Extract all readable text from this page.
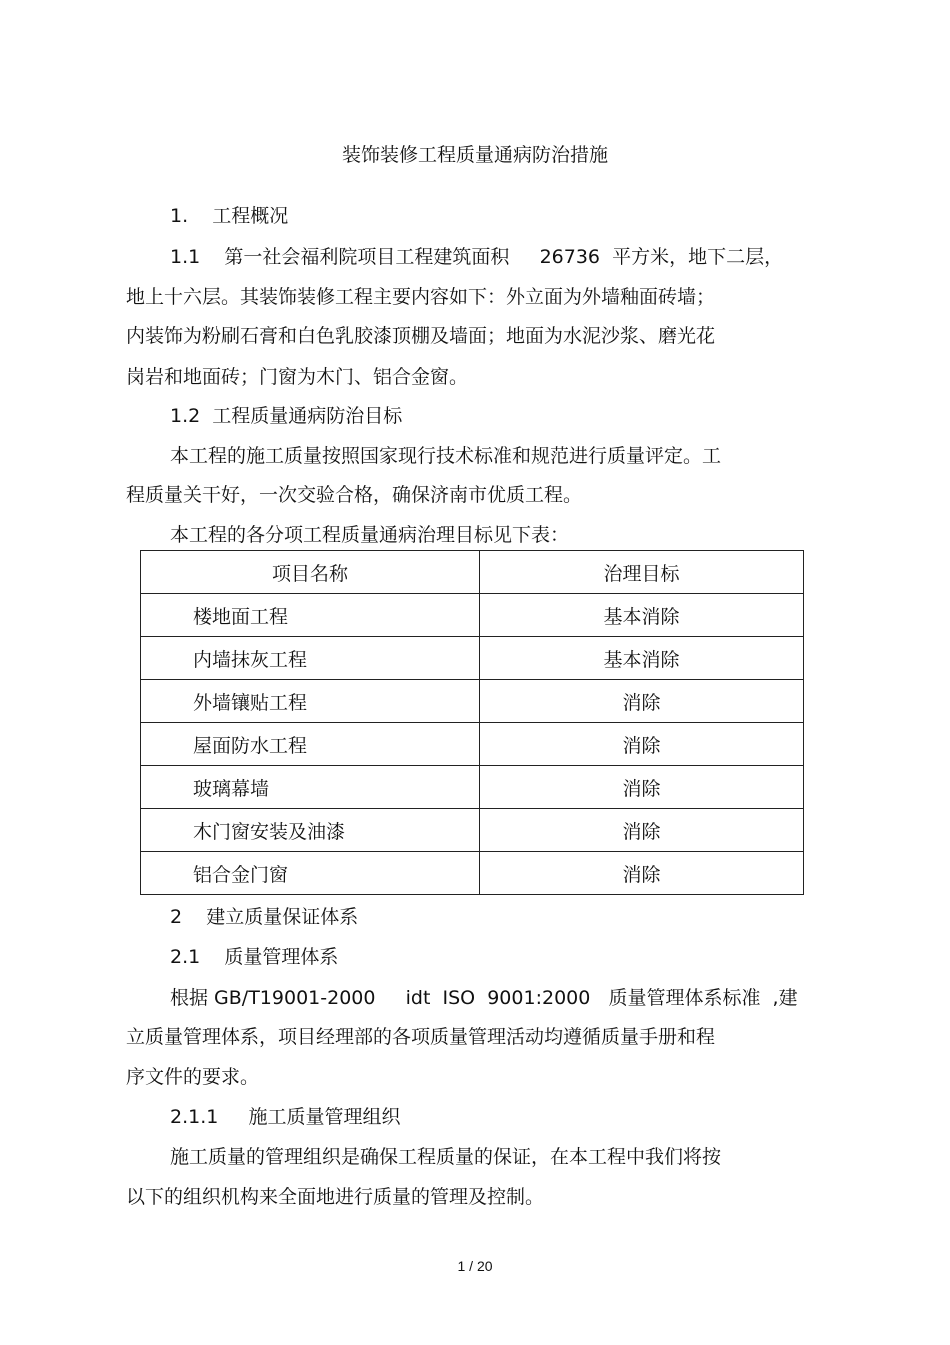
装饰装修工程质量通病防治措施
1.    工程概况
1.1    第一社会福利院项目工程建筑面积     26736  平方米，地下二层，
地上十六层。其装饰装修工程主要内容如下：外立面为外墙釉面砖墙；
内装饰为粉刷石膏和白色乳胶漆顶棚及墙面；地面为水泥沙浆、磨光花
岗岩和地面砖；门窗为木门、铝合金窗。
1.2  工程质量通病防治目标
本工程的施工质量按照国家现行技术标准和规范进行质量评定。工
程质量关干好，一次交验合格，确保济南市优质工程。
本工程的各分项工程质量通病治理目标见下表：
项目名称	治理目标
楼地面工程	基本消除
内墙抹灰工程	基本消除
外墙镶贴工程	消除
屋面防水工程	消除
玻璃幕墙	消除
木门窗安装及油漆	消除
铝合金门窗	消除
2    建立质量保证体系
2.1    质量管理体系
根据 GB/T19001-2000     idt  ISO  9001:2000   质量管理体系标准  ,建
立质量管理体系，项目经理部的各项质量管理活动均遵循质量手册和程
序文件的要求。
2.1.1     施工质量管理组织
施工质量的管理组织是确保工程质量的保证，在本工程中我们将按
以下的组织机构来全面地进行质量的管理及控制。
1 / 20
